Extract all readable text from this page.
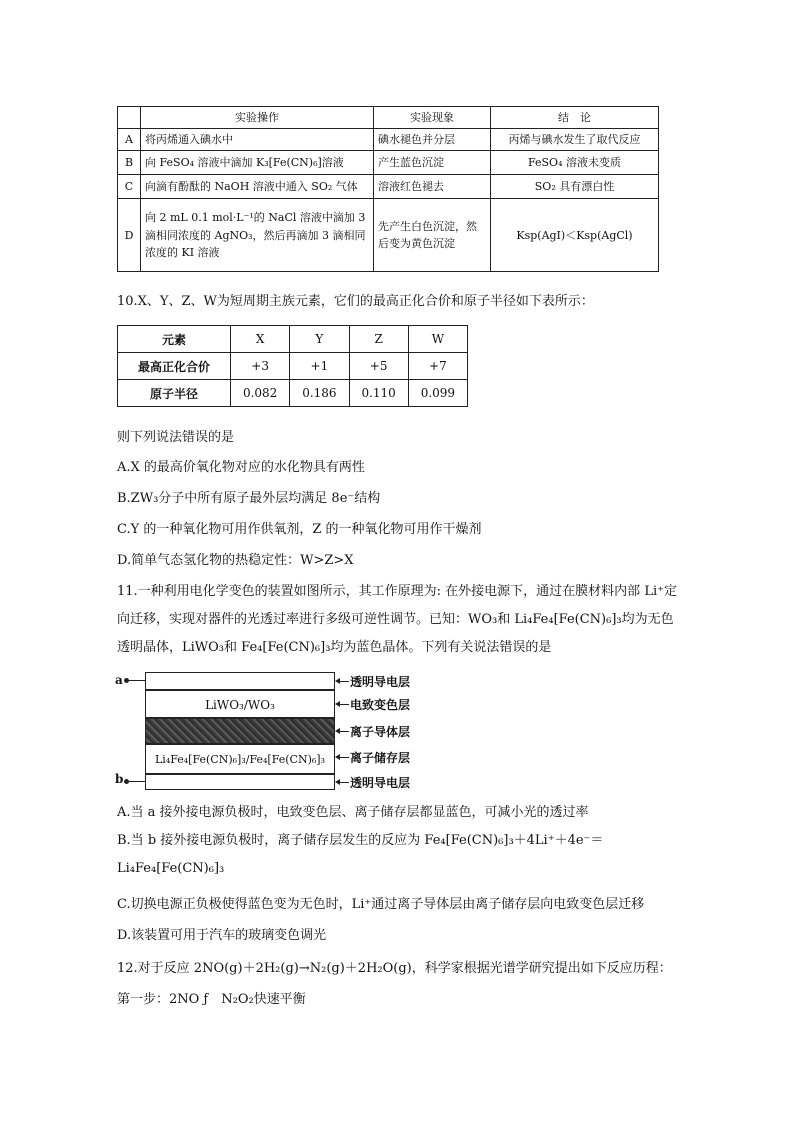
	实验操作	实验现象	结　论
A	将丙烯通入碘水中	碘水褪色并分层	丙烯与碘水发生了取代反应
B	向 FeSO₄ 溶液中滴加 K₃[Fe(CN)₆]溶液	产生蓝色沉淀	FeSO₄ 溶液未变质
C	向滴有酚酞的 NaOH 溶液中通入 SO₂ 气体	溶液红色褪去	SO₂ 具有漂白性
D	向 2 mL 0.1 mol·L⁻¹的 NaCl 溶液中滴加 3 滴相同浓度的 AgNO₃，然后再滴加 3 滴相同浓度的 KI 溶液	先产生白色沉淀，然后变为黄色沉淀	Ksp(AgI)＜Ksp(AgCl)
10.X、Y、Z、W为短周期主族元素，它们的最高正化合价和原子半径如下表所示：
元素	X	Y	Z	W
最高正化合价	+3	+1	+5	+7
原子半径	0.082	0.186	0.110	0.099
则下列说法错误的是
A.X 的最高价氧化物对应的水化物具有两性
B.ZW₃分子中所有原子最外层均满足 8e⁻结构
C.Y 的一种氧化物可用作供氧剂，Z 的一种氧化物可用作干燥剂
D.简单气态氢化物的热稳定性：W>Z>X
11.一种利用电化学变色的装置如图所示，其工作原理为: 在外接电源下，通过在膜材料内部 Li⁺定向迁移，实现对器件的光透过率进行多级可逆性调节。已知：WO₃和 Li₄Fe₄[Fe(CN)₆]₃均为无色透明晶体，LiWO₃和 Fe₄[Fe(CN)₆]₃均为蓝色晶体。下列有关说法错误的是
a
LiWO₃/WO₃
Li₄Fe₄[Fe(CN)₆]₃/Fe₄[Fe(CN)₆]₃
b
透明导电层
电致变色层
离子导体层
离子储存层
透明导电层
A.当 a 接外接电源负极时，电致变色层、离子储存层都显蓝色，可减小光的透过率
B.当 b 接外接电源负极时，离子储存层发生的反应为 Fe₄[Fe(CN)₆]₃＋4Li⁺＋4e⁻＝Li₄Fe₄[Fe(CN)₆]₃
C.切换电源正负极使得蓝色变为无色时，Li⁺通过离子导体层由离子储存层向电致变色层迁移
D.该装置可用于汽车的玻璃变色调光
12.对于反应 2NO(g)＋2H₂(g)→N₂(g)＋2H₂O(g)，科学家根据光谱学研究提出如下反应历程：
第一步：2NO ƒ　N₂O₂快速平衡
